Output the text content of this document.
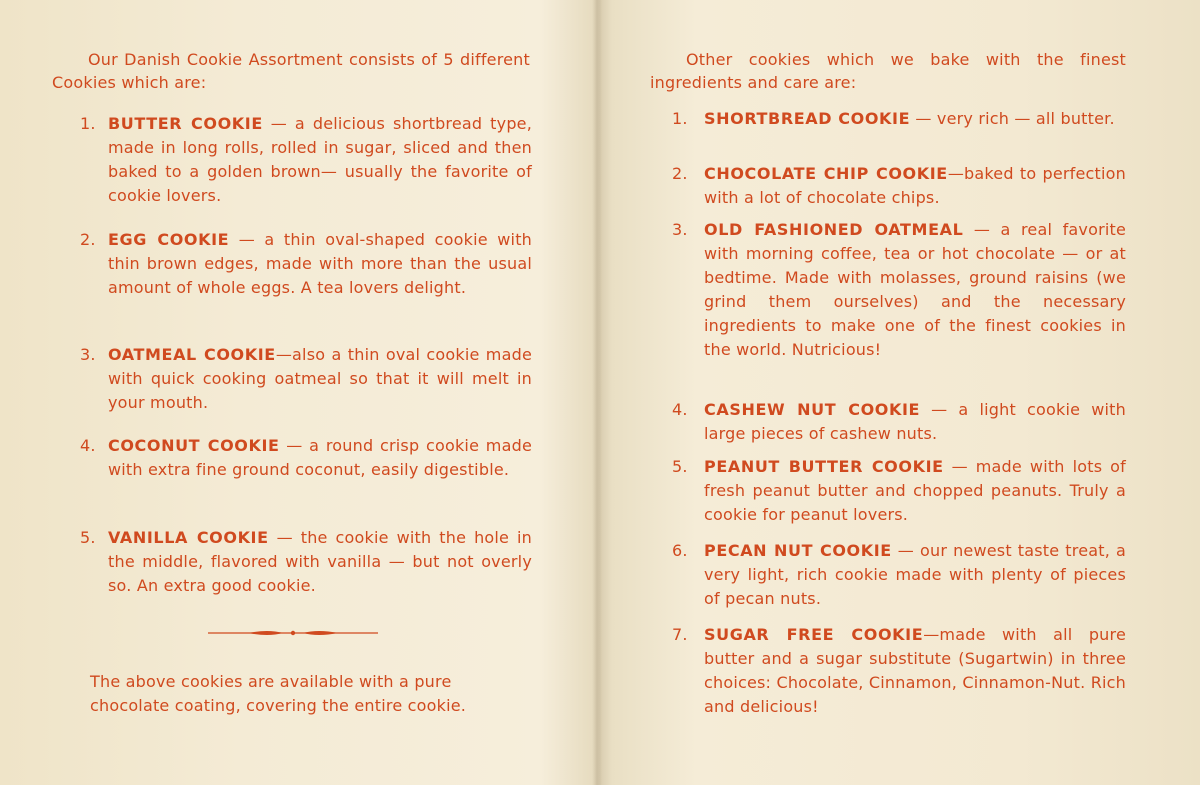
Our Danish Cookie Assortment consists of 5 different Cookies which are:
1. BUTTER COOKIE — a delicious shortbread type, made in long rolls, rolled in sugar, sliced and then baked to a golden brown— usually the favorite of cookie lovers.
2. EGG COOKIE — a thin oval-shaped cookie with thin brown edges, made with more than the usual amount of whole eggs. A tea lovers delight.
3. OATMEAL COOKIE—also a thin oval cookie made with quick cooking oatmeal so that it will melt in your mouth.
4. COCONUT COOKIE — a round crisp cookie made with extra fine ground coconut, easily digestible.
5. VANILLA COOKIE — the cookie with the hole in the middle, flavored with vanilla — but not overly so. An extra good cookie.
The above cookies are available with a pure chocolate coating, covering the entire cookie.
Other cookies which we bake with the finest ingredients and care are:
1. SHORTBREAD COOKIE — very rich — all butter.
2. CHOCOLATE CHIP COOKIE—baked to perfection with a lot of chocolate chips.
3. OLD FASHIONED OATMEAL — a real favorite with morning coffee, tea or hot chocolate — or at bedtime. Made with molasses, ground raisins (we grind them ourselves) and the necessary ingredients to make one of the finest cookies in the world. Nutricious!
4. CASHEW NUT COOKIE — a light cookie with large pieces of cashew nuts.
5. PEANUT BUTTER COOKIE — made with lots of fresh peanut butter and chopped peanuts. Truly a cookie for peanut lovers.
6. PECAN NUT COOKIE — our newest taste treat, a very light, rich cookie made with plenty of pieces of pecan nuts.
7. SUGAR FREE COOKIE—made with all pure butter and a sugar substitute (Sugartwin) in three choices: Chocolate, Cinnamon, Cinnamon-Nut. Rich and delicious!
